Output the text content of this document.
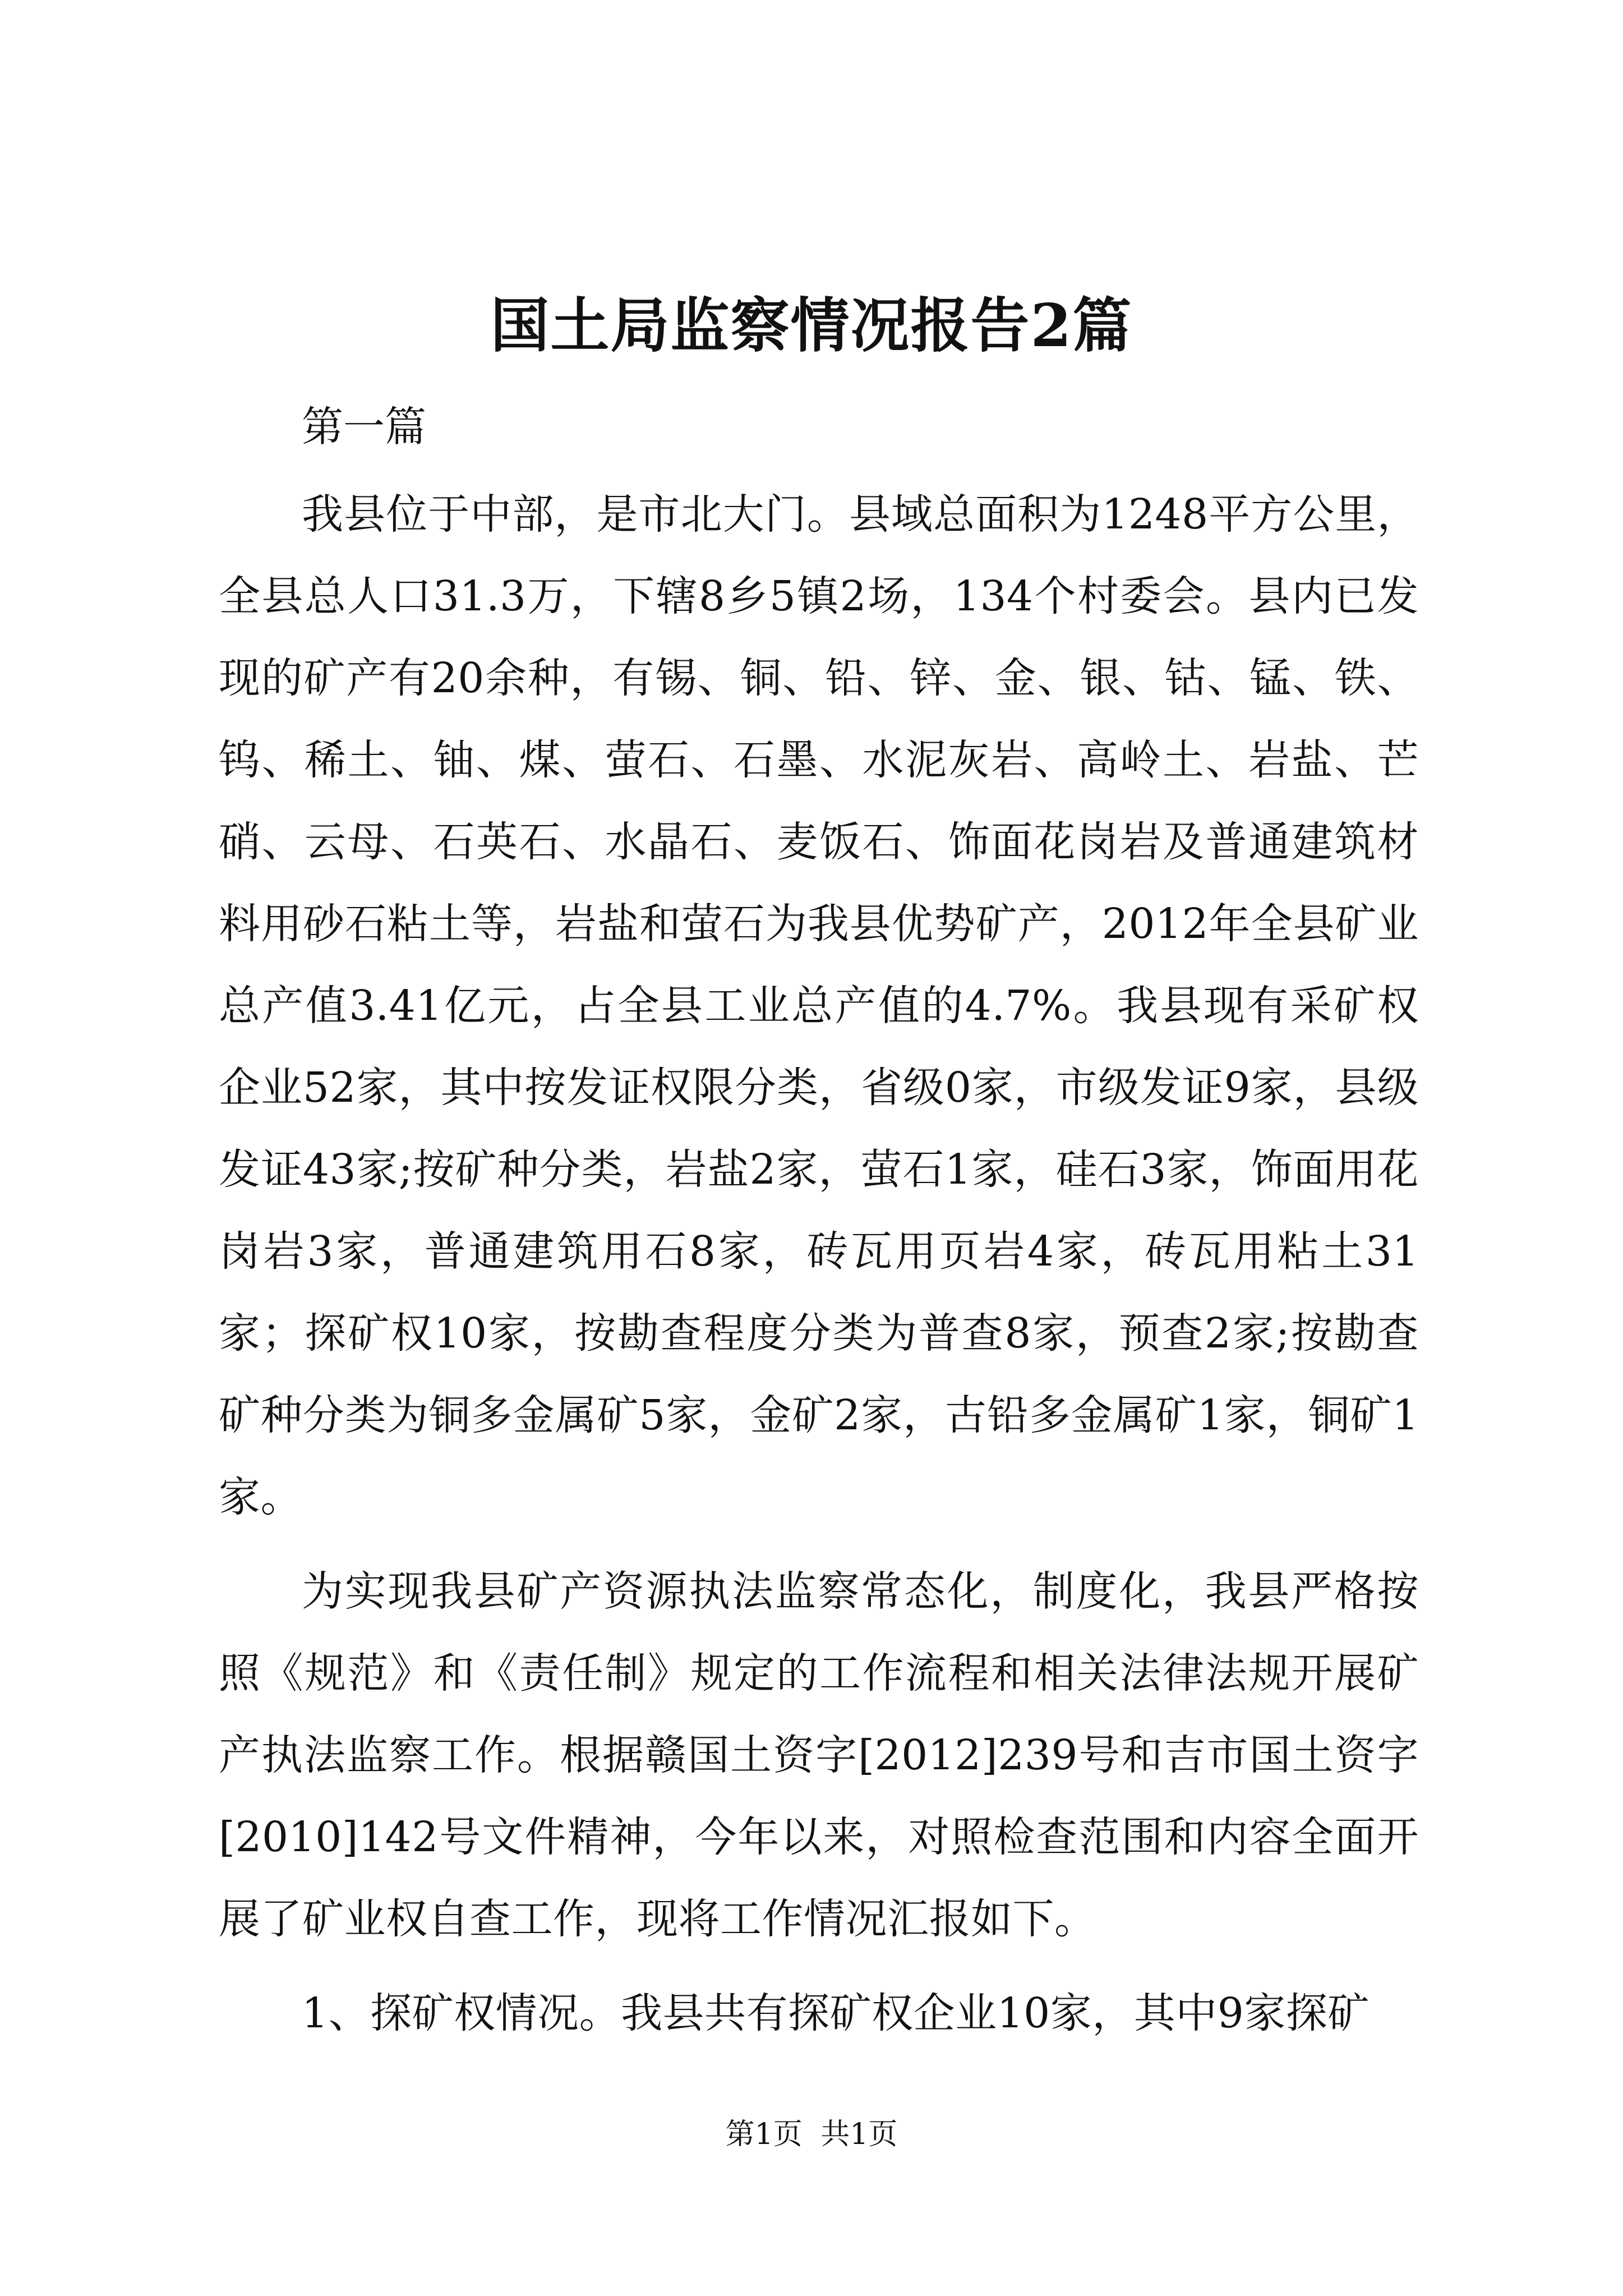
国土局监察情况报告2篇

第一篇

我县位于中部，是市北大门。县域总面积为1248平方公里，全县总人口31.3万，下辖8乡5镇2场，134个村委会。县内已发现的矿产有20余种，有锡、铜、铅、锌、金、银、钴、锰、铁、钨、稀土、铀、煤、萤石、石墨、水泥灰岩、高岭土、岩盐、芒硝、云母、石英石、水晶石、麦饭石、饰面花岗岩及普通建筑材料用砂石粘土等，岩盐和萤石为我县优势矿产，2012年全县矿业总产值3.41亿元，占全县工业总产值的4.7%。我县现有采矿权企业52家，其中按发证权限分类，省级0家，市级发证9家，县级发证43家;按矿种分类，岩盐2家，萤石1家，硅石3家，饰面用花岗岩3家，普通建筑用石8家，砖瓦用页岩4家，砖瓦用粘土31家；探矿权10家，按勘查程度分类为普查8家，预查2家;按勘查矿种分类为铜多金属矿5家，金矿2家，古铅多金属矿1家，铜矿1家。

为实现我县矿产资源执法监察常态化，制度化，我县严格按照《规范》和《责任制》规定的工作流程和相关法律法规开展矿产执法监察工作。根据赣国土资字[2012]239号和吉市国土资字[2010]142号文件精神，今年以来，对照检查范围和内容全面开展了矿业权自查工作，现将工作情况汇报如下。

1、探矿权情况。我县共有探矿权企业10家，其中9家探矿

第1页 共1页
